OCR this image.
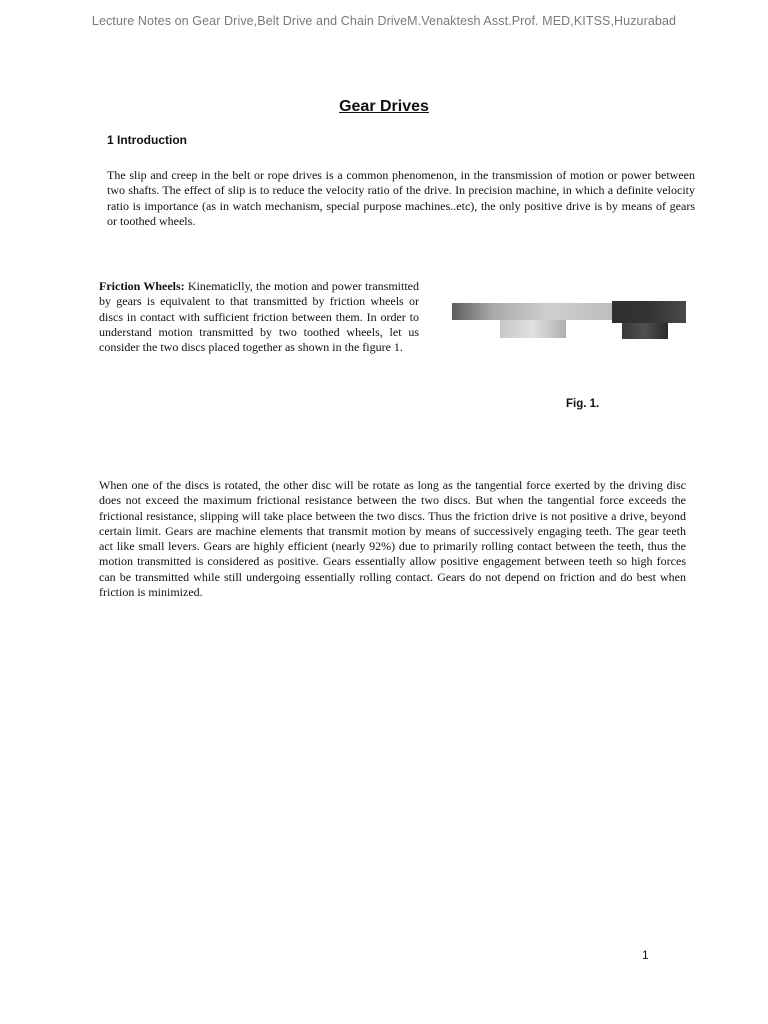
Lecture Notes on Gear Drive,Belt Drive and Chain DriveM.Venaktesh Asst.Prof. MED,KITSS,Huzurabad
Gear Drives
1 Introduction
The slip and creep in the belt or rope drives is a common phenomenon, in the transmission of motion or power between two shafts. The effect of slip is to reduce the velocity ratio of the drive. In precision machine, in which a definite velocity ratio is importance (as in watch mechanism, special purpose machines..etc), the only positive drive is by means of gears or toothed wheels.
Friction Wheels: Kinematiclly, the motion and power transmitted by gears is equivalent to that transmitted by friction wheels or discs in contact with sufficient friction between them. In order to understand motion transmitted by two toothed wheels, let us consider the two discs placed together as shown in the figure 1.
Fig. 1.
When one of the discs is rotated, the other disc will be rotate as long as the tangential force exerted by the driving disc does not exceed the maximum frictional resistance between the two discs. But when the tangential force exceeds the frictional resistance, slipping will take place between the two discs. Thus the friction drive is not positive a drive, beyond certain limit. Gears are machine elements that transmit motion by means of successively engaging teeth. The gear teeth act like small levers. Gears are highly efficient (nearly 92%) due to primarily rolling contact between the teeth, thus the motion transmitted is considered as positive. Gears essentially allow positive engagement between teeth so high forces can be transmitted while still undergoing essentially rolling contact. Gears do not depend on friction and do best when friction is minimized.
1
